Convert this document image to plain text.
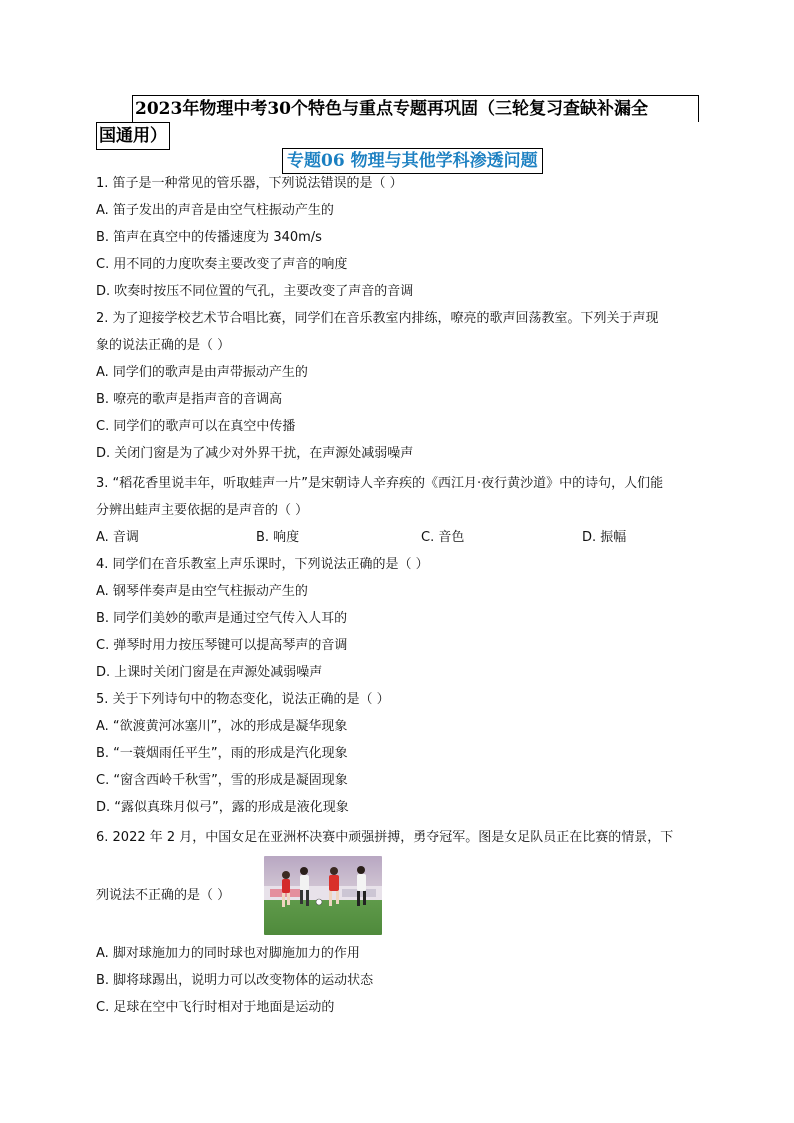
2023年物理中考30个特色与重点专题再巩固（三轮复习查缺补漏全
国通用）
专题06 物理与其他学科渗透问题
1. 笛子是一种常见的管乐器，下列说法错误的是（ ）
A. 笛子发出的声音是由空气柱振动产生的
B. 笛声在真空中的传播速度为 340m/s
C. 用不同的力度吹奏主要改变了声音的响度
D. 吹奏时按压不同位置的气孔，主要改变了声音的音调
2. 为了迎接学校艺术节合唱比赛，同学们在音乐教室内排练，嘹亮的歌声回荡教室。下列关于声现
象的说法正确的是（ ）
A. 同学们的歌声是由声带振动产生的
B. 嘹亮的歌声是指声音的音调高
C. 同学们的歌声可以在真空中传播
D. 关闭门窗是为了减少对外界干扰，在声源处减弱噪声
3. “稻花香里说丰年，听取蛙声一片”是宋朝诗人辛弃疾的《西江月·夜行黄沙道》中的诗句，人们能
分辨出蛙声主要依据的是声音的（ ）
A. 音调	B. 响度	C. 音色	D. 振幅
4. 同学们在音乐教室上声乐课时，下列说法正确的是（ ）
A. 钢琴伴奏声是由空气柱振动产生的
B. 同学们美妙的歌声是通过空气传入人耳的
C. 弹琴时用力按压琴键可以提高琴声的音调
D. 上课时关闭门窗是在声源处减弱噪声
5. 关于下列诗句中的物态变化，说法正确的是（ ）
A. “欲渡黄河冰塞川”，冰的形成是凝华现象
B. “一蓑烟雨任平生”，雨的形成是汽化现象
C. “窗含西岭千秋雪”，雪的形成是凝固现象
D. “露似真珠月似弓”，露的形成是液化现象
6. 2022 年 2 月，中国女足在亚洲杯决赛中顽强拼搏，勇夺冠军。图是女足队员正在比赛的情景，下
列说法不正确的是（ ）
A. 脚对球施加力的同时球也对脚施加力的作用
B. 脚将球踢出，说明力可以改变物体的运动状态
C. 足球在空中飞行时相对于地面是运动的
